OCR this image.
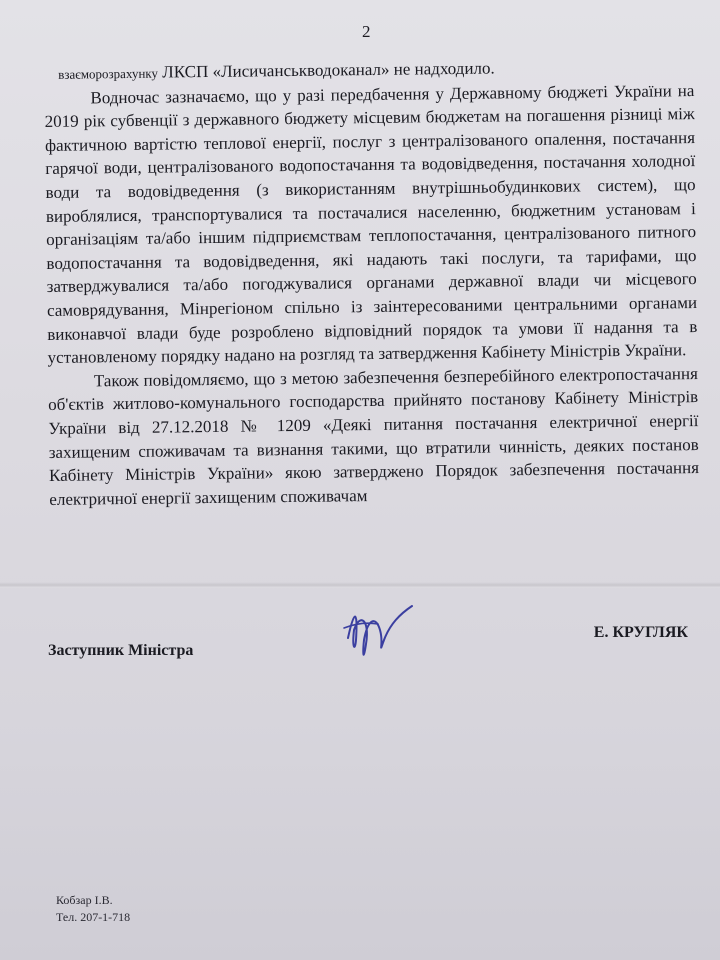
2

взаєморозрахунку ЛКСП «Лисичанськводоканал» не надходило.

Водночас зазначаємо, що у разі передбачення у Державному бюджеті України на 2019 рік субвенції з державного бюджету місцевим бюджетам на погашення різниці між фактичною вартістю теплової енергії, послуг з централізованого опалення, постачання гарячої води, централізованого водопостачання та водовідведення, постачання холодної води та водовідведення (з використанням внутрішньобудинкових систем), що вироблялися, транспортувалися та постачалися населенню, бюджетним установам і організаціям та/або іншим підприємствам теплопостачання, централізованого питного водопостачання та водовідведення, які надають такі послуги, та тарифами, що затверджувалися та/або погоджувалися органами державної влади чи місцевого самоврядування, Мінрегіоном спільно із заінтересованими центральними органами виконавчої влади буде розроблено відповідний порядок та умови її надання та в установленому порядку надано на розгляд та затвердження Кабінету Міністрів України.

Також повідомляємо, що з метою забезпечення безперебійного електропостачання об'єктів житлово-комунального господарства прийнято постанову Кабінету Міністрів України від 27.12.2018 № 1209 «Деякі питання постачання електричної енергії захищеним споживачам та визнання такими, що втратили чинність, деяких постанов Кабінету Міністрів України» якою затверджено Порядок забезпечення постачання електричної енергії захищеним споживачам

Заступник Міністра
Е. КРУГЛЯК
Кобзар І.В.
Тел. 207-1-718
